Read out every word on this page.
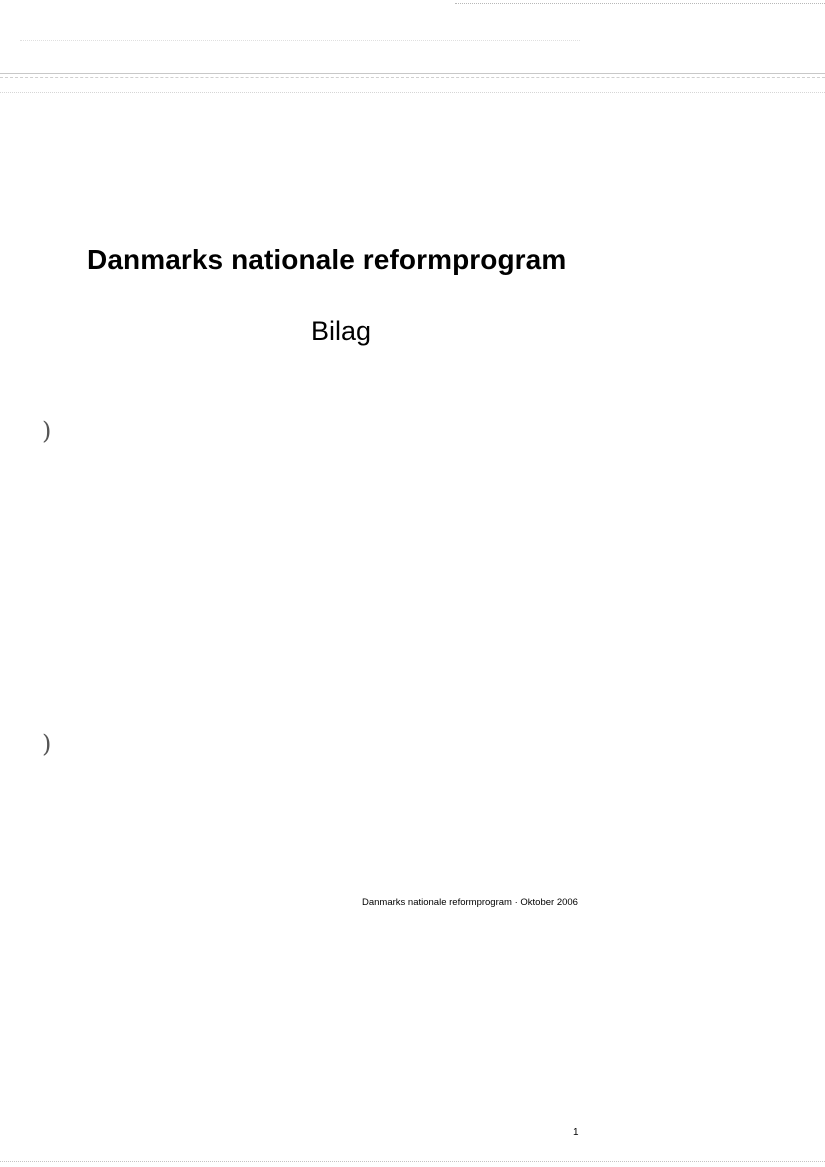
)
)
Danmarks nationale reformprogram
Bilag

Danmarks nationale reformprogram · Oktober 2006

1
